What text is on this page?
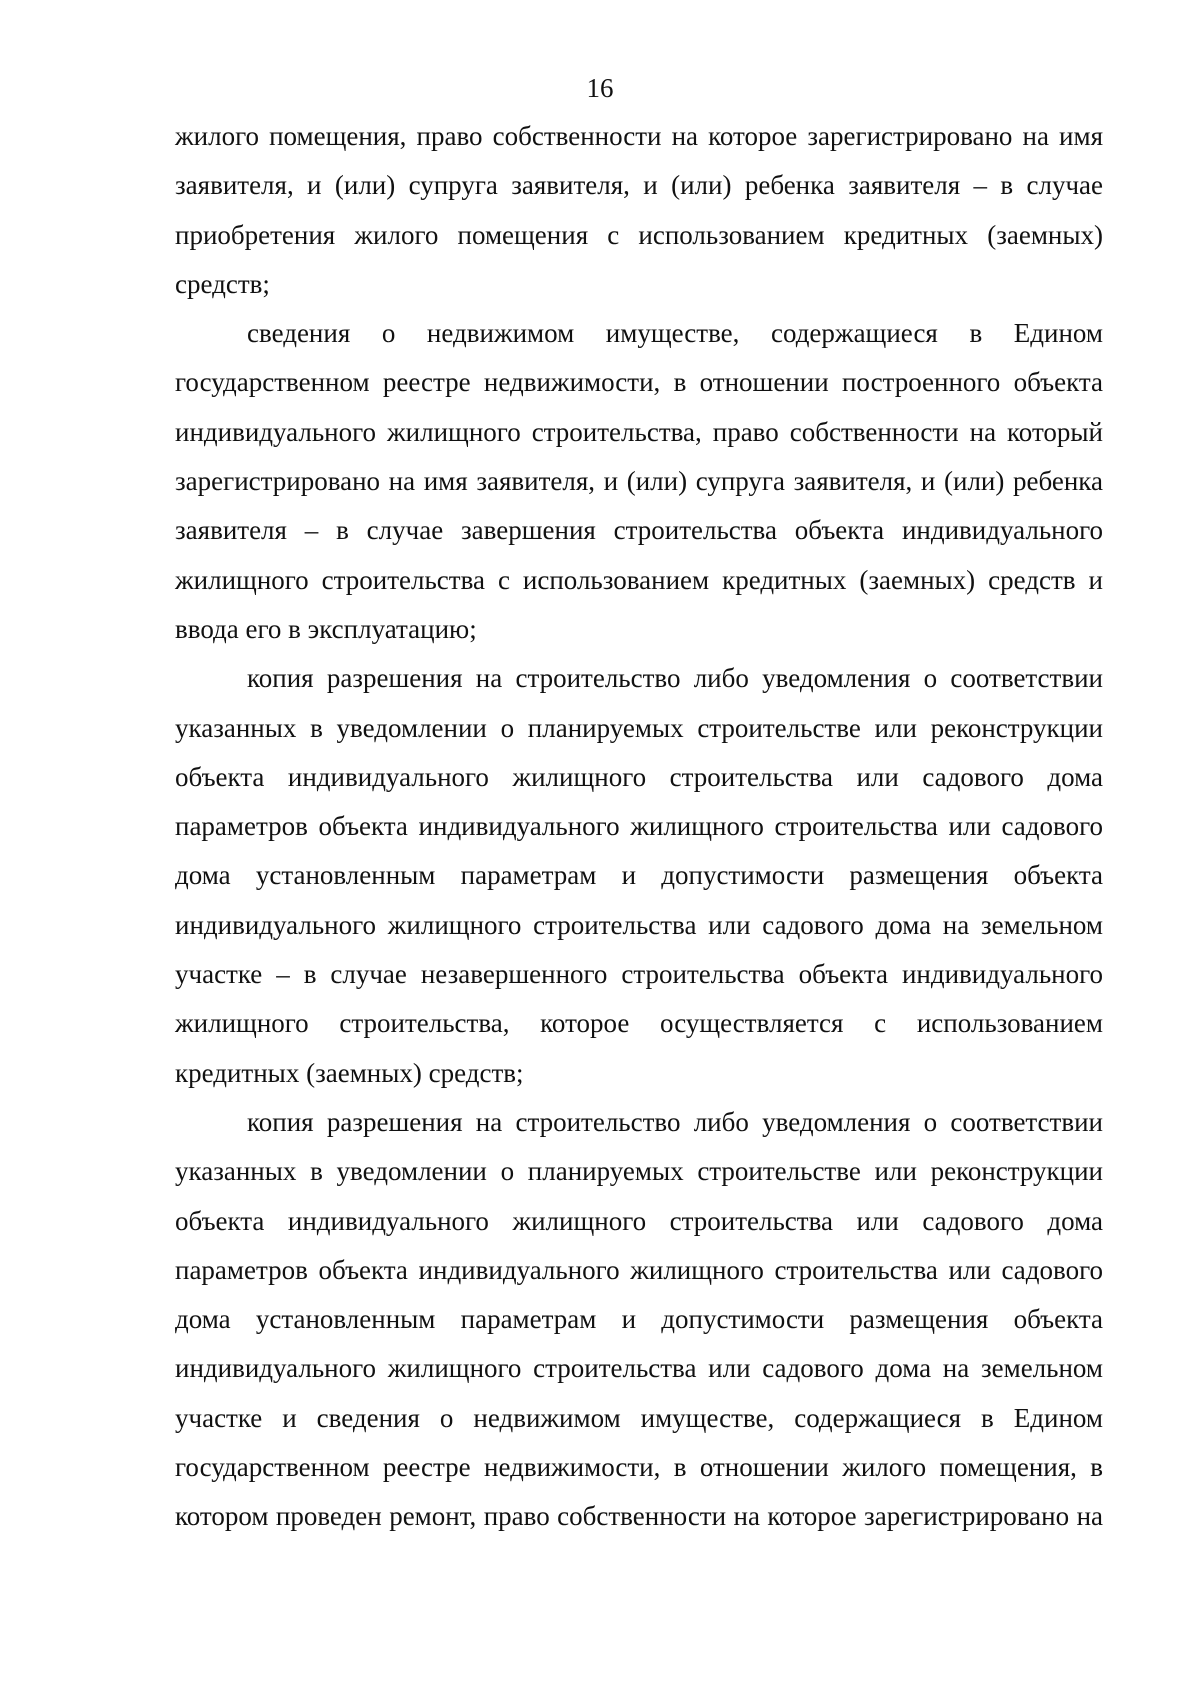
16

жилого помещения, право собственности на которое зарегистрировано на имя заявителя, и (или) супруга заявителя, и (или) ребенка заявителя – в случае приобретения жилого помещения с использованием кредитных (заемных) средств;

сведения о недвижимом имуществе, содержащиеся в Едином государственном реестре недвижимости, в отношении построенного объекта индивидуального жилищного строительства, право собственности на который зарегистрировано на имя заявителя, и (или) супруга заявителя, и (или) ребенка заявителя – в случае завершения строительства объекта индивидуального жилищного строительства с использованием кредитных (заемных) средств и ввода его в эксплуатацию;

копия разрешения на строительство либо уведомления о соответствии указанных в уведомлении о планируемых строительстве или реконструкции объекта индивидуального жилищного строительства или садового дома параметров объекта индивидуального жилищного строительства или садового дома установленным параметрам и допустимости размещения объекта индивидуального жилищного строительства или садового дома на земельном участке – в случае незавершенного строительства объекта индивидуального жилищного строительства, которое осуществляется с использованием кредитных (заемных) средств;

копия разрешения на строительство либо уведомления о соответствии указанных в уведомлении о планируемых строительстве или реконструкции объекта индивидуального жилищного строительства или садового дома параметров объекта индивидуального жилищного строительства или садового дома установленным параметрам и допустимости размещения объекта индивидуального жилищного строительства или садового дома на земельном участке и сведения о недвижимом имуществе, содержащиеся в Едином государственном реестре недвижимости, в отношении жилого помещения, в котором проведен ремонт, право собственности на которое зарегистрировано на
